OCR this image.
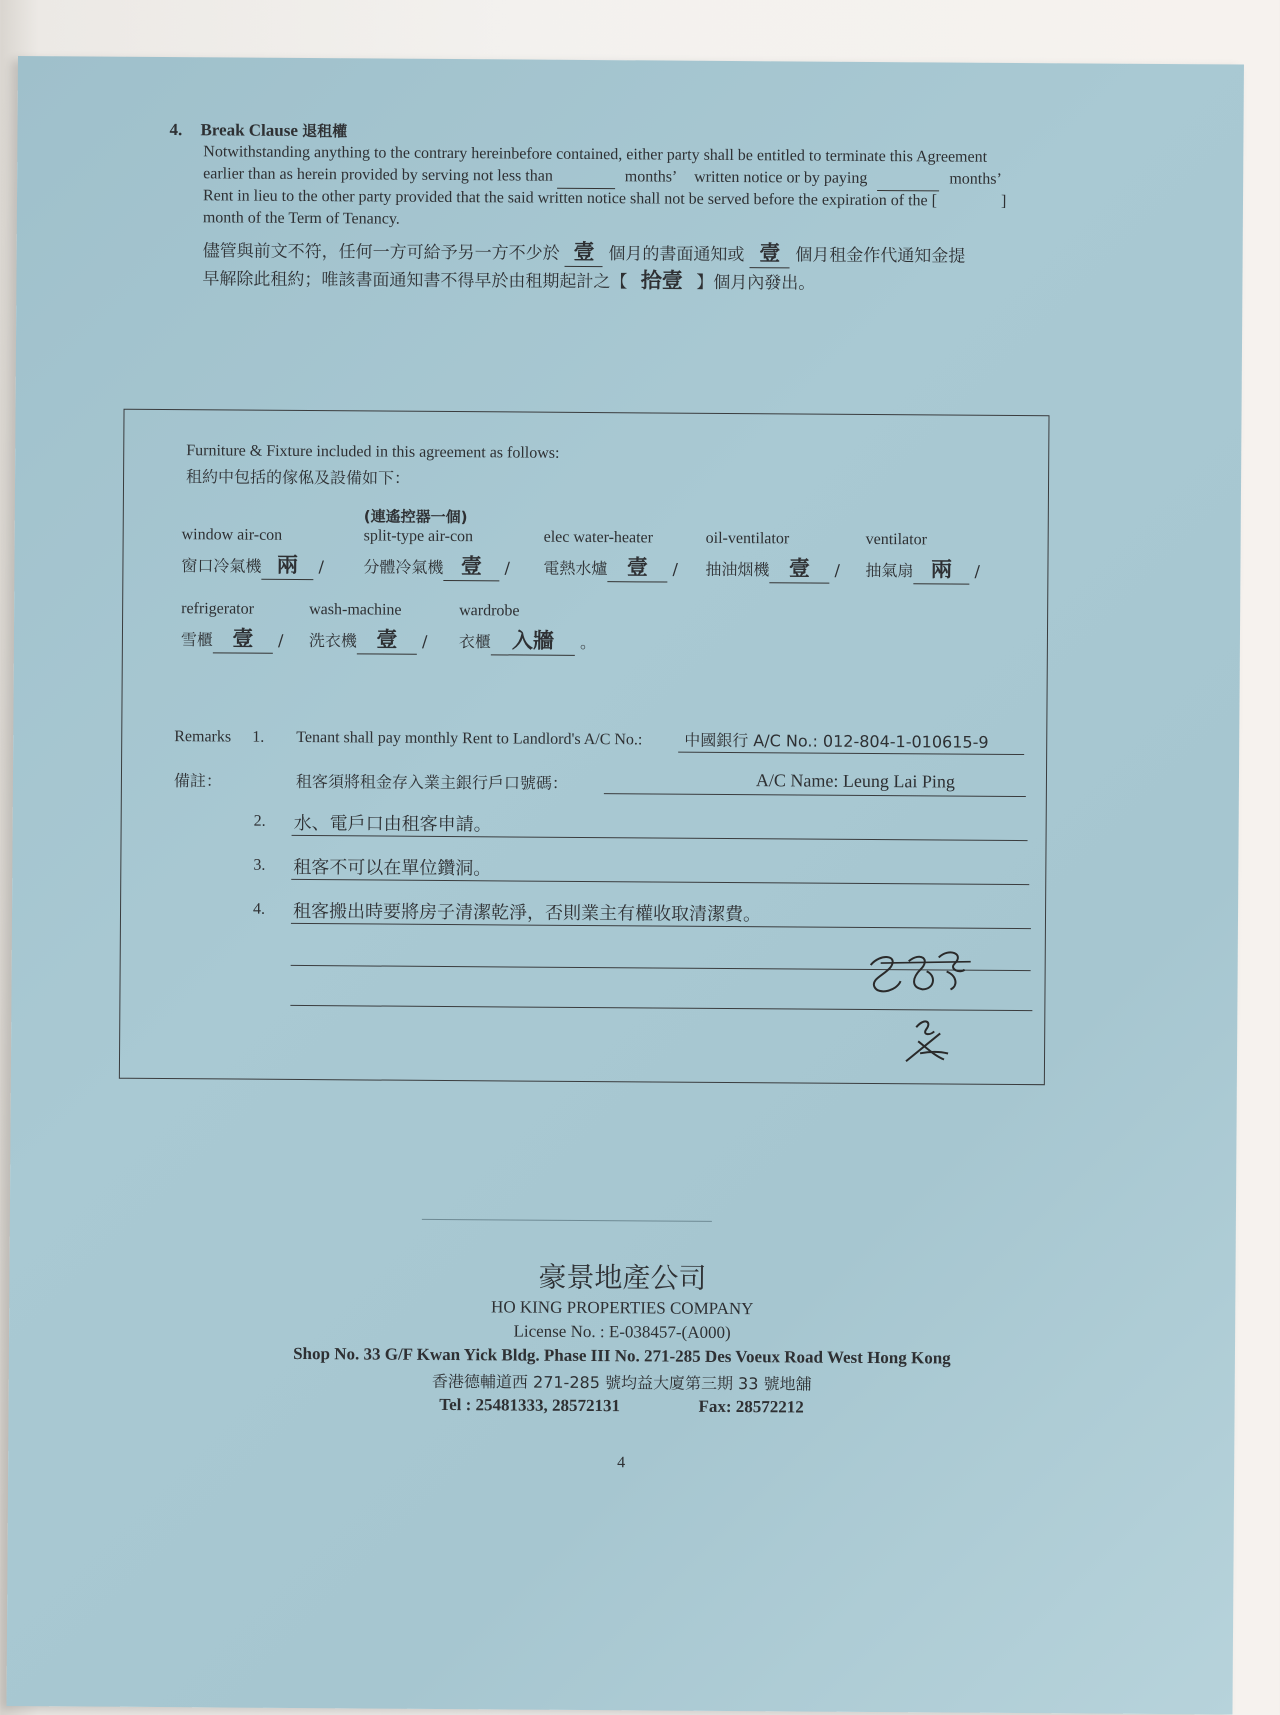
4. Break Clause 退租權
Notwithstanding anything to the contrary hereinbefore contained, either party shall be entitled to terminate this Agreement
earlier than as herein provided by serving not less than	months’ written notice or by paying	months’
Rent in lieu to the other party provided that the said written notice shall not be served before the expiration of the [	]
month of the Term of Tenancy.
儘管與前文不符，任何一方可給予另一方不少於 壹 個月的書面通知或 壹 個月租金作代通知金提
早解除此租約；唯該書面通知書不得早於由租期起計之【 拾壹 】個月內發出。
Furniture & Fixture included in this agreement as follows:
租約中包括的傢俬及設備如下：
(連遙控器一個)
window air-con
窗口冷氣機 兩 /
split-type air-con
分體冷氣機 壹 /
elec water-heater
電熱水爐 壹 /
oil-ventilator
抽油烟機 壹 /
ventilator
抽氣扇 兩 /
refrigerator
雪櫃 壹 /
wash-machine
洗衣機 壹 /
wardrobe
衣櫃 入牆 。
Remarks 1. Tenant shall pay monthly Rent to Landlord's A/C No.:	中國銀行 A/C No.: 012-804-1-010615-9
備註：	租客須將租金存入業主銀行戶口號碼：	A/C Name: Leung Lai Ping
2. 水、電戶口由租客申請。
3. 租客不可以在單位鑽洞。
4. 租客搬出時要將房子清潔乾淨，否則業主有權收取清潔費。
豪景地產公司
HO KING PROPERTIES COMPANY
License No. : E-038457-(A000)
Shop No. 33 G/F Kwan Yick Bldg. Phase III No. 271-285 Des Voeux Road West Hong Kong
香港德輔道西 271-285 號均益大廈第三期 33 號地舖
Tel : 25481333, 28572131	Fax: 28572212
4
